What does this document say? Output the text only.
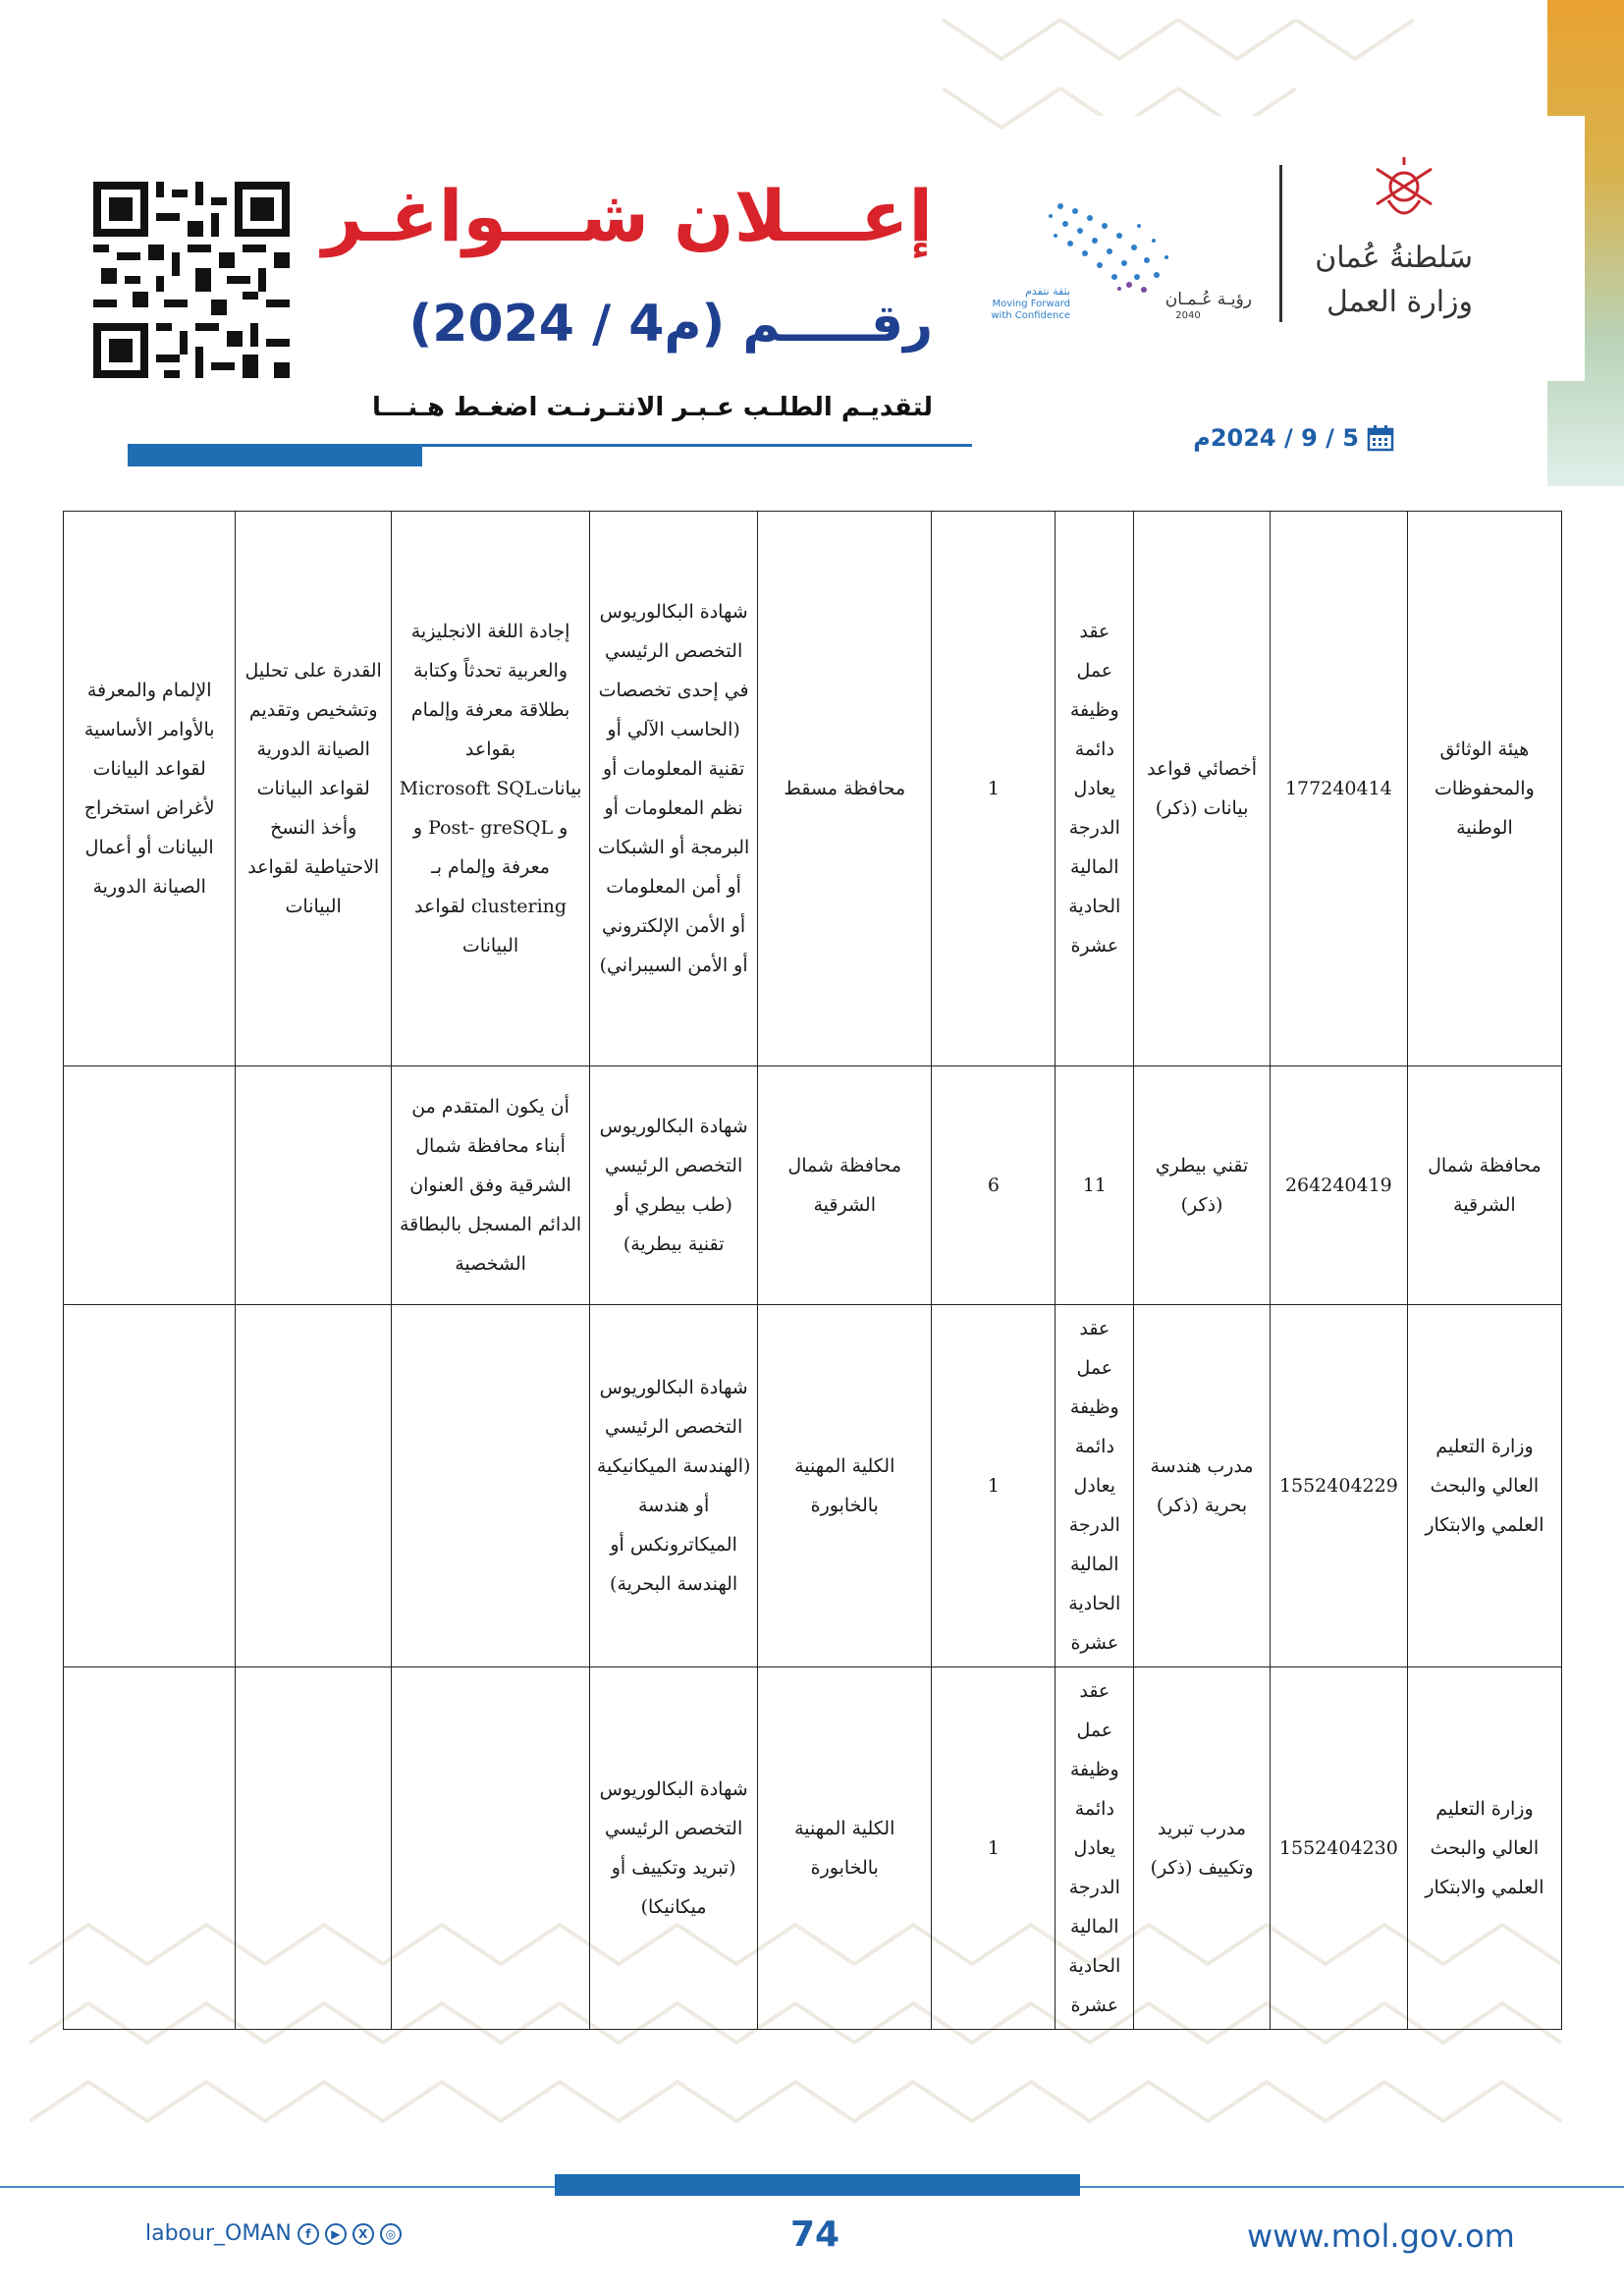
سَلطنةُ عُمان
وزارة العمل
رؤيـة عُـمـان
2040
بثقة نتقدم
Moving Forward
with Confidence
إعـــلان شـــواغـر
رقـــــم (م4 / 2024)
لتقديـم الطلـب عـبـر الانتـرنـت اضغـط هـنـــا
5 / 9 / 2024م
هيئة الوثائق والمحفوظات الوطنية	177240414	أخصائي قواعد بيانات (ذكر)	عقد عمل وظيفة دائمة يعادل الدرجة المالية الحادية عشرة	1	محافظة مسقط	شهادة البكالوريوس التخصص الرئيسي في إحدى تخصصات (الحاسب الآلي أو تقنية المعلومات أو نظم المعلومات أو البرمجة أو الشبكات أو أمن المعلومات أو الأمن الإلكتروني أو الأمن السيبراني)	إجادة اللغة الانجليزية والعربية تحدثاً وكتابة بطلاقة معرفة وإلمام بقواعد بياناتMicrosoft SQL و Post- greSQL و معرفة وإلمام بـ clustering لقواعد البيانات	القدرة على تحليل وتشخيص وتقديم الصيانة الدورية لقواعد البيانات وأخذ النسخ الاحتياطية لقواعد البيانات	الإلمام والمعرفة بالأوامر الأساسية لقواعد البيانات لأغراض استخراج البيانات أو أعمال الصيانة الدورية
محافظة شمال الشرقية	264240419	تقني بيطري (ذكر)	11	6	محافظة شمال الشرقية	شهادة البكالوريوس التخصص الرئيسي (طب بيطري أو تقنية بيطرية)	أن يكون المتقدم من أبناء محافظة شمال الشرقية وفق العنوان الدائم المسجل بالبطاقة الشخصية		
وزارة التعليم العالي والبحث العلمي والابتكار	1552404229	مدرب هندسة بحرية (ذكر)	عقد عمل وظيفة دائمة يعادل الدرجة المالية الحادية عشرة	1	الكلية المهنية بالخابورة	شهادة البكالوريوس التخصص الرئيسي (الهندسة الميكانيكية أو هندسة الميكاترونكس أو الهندسة البحرية)			
وزارة التعليم العالي والبحث العلمي والابتكار	1552404230	مدرب تبريد وتكييف (ذكر)	عقد عمل وظيفة دائمة يعادل الدرجة المالية الحادية عشرة	1	الكلية المهنية بالخابورة	شهادة البكالوريوس التخصص الرئيسي (تبريد وتكييف أو ميكانيكا)			
labour_OMAN	f	▶	X	◎	74	www.mol.gov.om
